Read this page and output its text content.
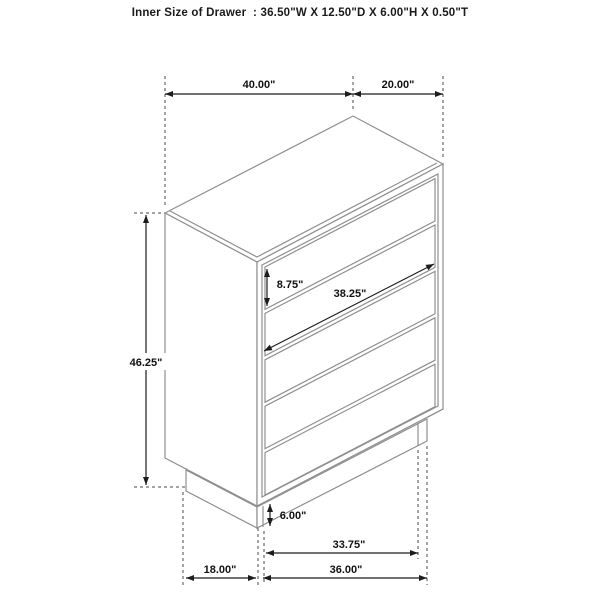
Inner Size of Drawer  : 36.50"W X 12.50"D X 6.00"H X 0.50"T
40.00"	20.00"
46.25"
8.75"
38.25"
6.00"
33.75"
36.00"
18.00"
